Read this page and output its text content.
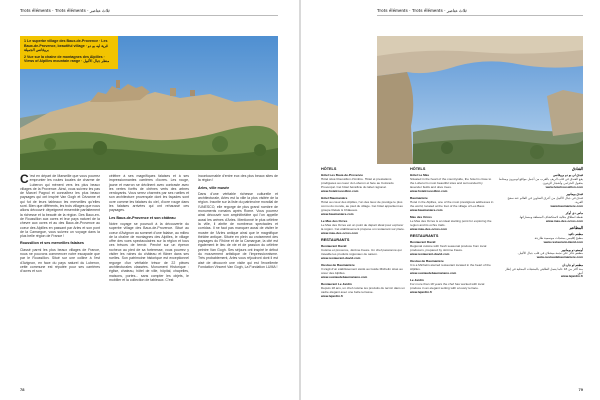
Trots éléments · Trots éléments · ثلاث عناصر

1 Le superbe village des Baux-de-Provence · Les Baux-de-Provence, beautiful village · قرية ليه بو دو بروفانس الجميلة

2 Vue sur la chaîne de montagnes des Alpilles · Views of Alpilles mountain range · منظر جبال الألبيل

C 'est en départ de Marseille que vous pourrez emprunter les routes locales de charme de Luberon qui mènent vers les plus beaux villages de la Provence. Ainsi, vous suivrez les pas de Marcel Pagnol et connaîtrez les plus beaux paysages qui ont inspiré Van Gogh et Cézanne et qui fut de leurs tableaux les merveilles qu'elles sont. Bien que différents, les trois villages que nous allons découvrir dépeignent ensemble parfaitement la richesse et la beauté de la région. Des Baux-en-de Roussillon aux ocres et leur pays naturel de la chevre aux ocres et au des Baux-de-Provence au coeur des Alpilles en passant par Arles et son pont de la Camargue, vous suivrez un voyage dans la plus belle région de France !

Roussillon et ses merveilles falaises

Classé parmi les plus beaux villages de France, nous ne pouvons commencer notre escapade que par le Roussillon. Situé sur une colline à l'est d'Avignon, en face du pays naturel du Luberon, cette commune est réputée pour ses carrières d'ocres et son

célèbre à ses magnifiques falaises et à ses impressionnantes carrières d'ocres. Les rouge, jaune et marron se déclinent avec contraste avec les vertes forêts de chênes verts des arbres verdoyants. Vous serez charmés par ses ruelles et son architecture provençale dont les façades sont ocre comme les falaises du ciel, d'ocre rouge dans les falaises arrivées qui ont rehaussé ces paysages.

Les Baux-de-Provence et son château

Notre voyage se poursuit à la découverte du superbe village des Baux-de-Provence. Situé au coeur d'Avignon au sommet d'une falaise, au milieu de la chaîne de montagnes des Alpilles, le village offre des vues spectaculaires sur la région et tous ces trésors de terroir. Perché sur un éperon rocheux au pied de sa forteresse, vous pourrez y visiter les ruines du château et flâner dans ses ruelles. Son patrimoine historique est exceptionnel regorge d'un véritable trésor de 22 pièces architecturales classées. Monument Historique : église, chateau, hôtel de ville, hôpital, chapelles, maisons, portes... sans compter les objets, le mobilier et la collection de tableaux. C'est

incontournable d'entre eux des plus beaux sites de la région !

Arles, ville musée

Dans d'une véritable richesse culturelle et architecturale, Arles est la ville la plus visitée de la région. Inscrite sur la liste du patrimoine mondial de l'UNESCO, elle regorge de plus grand nombre de monuments romains après Rome. Vous pourrez ainsi découvrir son amphithéâtre qui l'on appelle aussi les arènes d'Arles. Mentionné le plus célèbre la ville, il abrite de nombreux spectacles et corridas. Il ne faut pas manquer aussi de visiter le musée de l'Arles antique ainsi que le magnifique théâtre antique. Située en plein au croisement des paysages du Rhône et de la Camargue, la cité est également le lieu de vie et de passion du célèbre peintre Van Gogh. Ses séjours ont inspiré le début du mouvement artistique de l'impressionnisme. Très probablement, Arles vous réjouiront dont il est aisé de découvrir une visite qui est l'excellente Fondation Vincent Van Gogh, La Fondation LUMA !

78
Trots éléments · Trots éléments · ثلاث عناصر
HÔTELS
Hôtel Les Baux-de-Provence
Hôtel situé Roussillon d'Ambre. Hôtel et prestations prodiguées au coeur du Luberon et face au Colorado Provençal. Cet hôtel bénéficie du label régional.
www.hotelroussillon.com
Hôtel Baumanière
Hôtel au cœur des Alpilles, l'un des lieux de prestige le plus connu du monde, au pied du village. Cet hôtel appartient au groupe Relais & Châteaux.
www.baumaniere.com
Le Mas des Ocres
Le Mas des Ocres est un point de départ idéal pour explorer la région. Cet établissement propose un restaurant sur place.
www.mas-des-ocres.com
RESTAURANTS
Restaurant David
Cuisine et provence, Jérôme Faure. Un chef passionné qui travaille les produits régionaux de saison.
www.restaurant-david.com
Oustau de Baumanière
Il s'agit d'un établissement étoilé au Guide Michelin situé au cœur des Alpilles.
www.oustaudebaumaniere.com
Restaurant Le Jardin
Depuis 18 ans, un chef cuisine les produits du terroir dans un cadre élégant avec une belle terrasse.
www.lejardin.fr
HÔTELS
Hôtel Le Mas
Situated in the heart of the countryside, the hotel is close to the Luberon's most beautiful sites and surrounded by lavender fields and olive trees.
www.hotelroussillon.com
Baumanière
Hotel in the Alpilles, one of the most prestigious addresses in the world, located at the foot of the village of Les Baux.
www.baumaniere.com
Mas des Ocres
Le Mas des Ocres is an ideal starting point for exploring the region and its ochre trails.
www.mas-des-ocres.com
RESTAURANTS
Restaurant David
Regional cuisine with fresh seasonal produce from local producers, prepared by Jérôme Faure.
www.restaurant-david.com
Oustau de Baumanière
It is a Michelin-starred restaurant located in the heart of the Alpilles.
www.oustaudebaumaniere.com
Le Jardin
For more than 18 years the chef has worked with local produce in an elegant setting with a lovely terrace.
www.lejardin.fr
الفنادق
فندق لي بو دو بروفانس
يقع الفندق في قلب الريف بالقرب من أجمل مواقع لوبيرون ومحاط بحقول الخزامى وأشجار الزيتون.
www.hotelroussillon.com
فندق بومانيير
فندق في جبال الألبيل من أعرق العناوين في العالم عند سفح القرية.
www.baumaniere.com
ماس دي أوكر
نقطة انطلاق مثالية لاستكشاف المنطقة ومساراتها.
www.mas-des-ocres.com
المطاعم
مطعم دافيد
مطبخ إقليمي بمنتجات موسمية طازجة.
www.restaurant-david.com
أوستو دو بومانيير
مطعم حائز على نجمة ميشلان في قلب جبال الألبيل.
www.oustaudebaumaniere.com
مطعم لو جاردان
منذ أكثر من 18 عاما يعمل الطاهي بالمنتجات المحلية في إطار أنيق.
www.lejardin.fr
79
